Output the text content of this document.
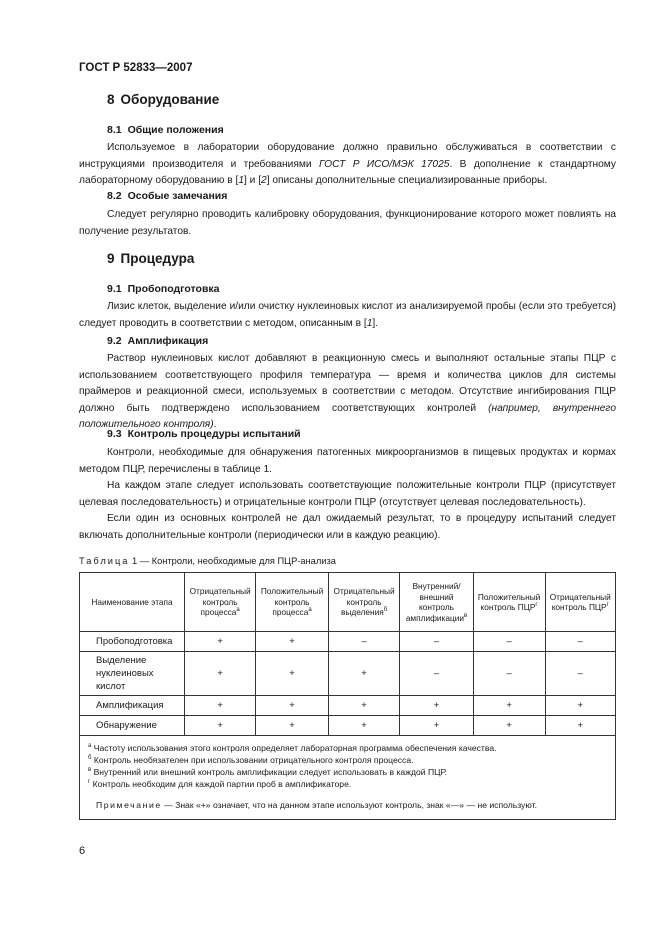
ГОСТ Р 52833—2007
8 Оборудование
8.1 Общие положения

Используемое в лаборатории оборудование должно правильно обслуживаться в соответствии с инструкциями производителя и требованиями ГОСТ Р ИСО/МЭК 17025. В дополнение к стандартному лабораторному оборудованию в [1] и [2] описаны дополнительные специализированные приборы.

8.2 Особые замечания

Следует регулярно проводить калибровку оборудования, функционирование которого может повлиять на получение результатов.

9 Процедура
9.1 Пробоподготовка

Лизис клеток, выделение и/или очистку нуклеиновых кислот из анализируемой пробы (если это требуется) следует проводить в соответствии с методом, описанным в [1].

9.2 Амплификация

Раствор нуклеиновых кислот добавляют в реакционную смесь и выполняют остальные этапы ПЦР с использованием соответствующего профиля температура — время и количества циклов для системы праймеров и реакционной смеси, используемых в соответствии с методом. Отсутствие ингибирования ПЦР должно быть подтверждено использованием соответствующих контролей (например, внутреннего положительного контроля).

9.3 Контроль процедуры испытаний

Контроли, необходимые для обнаружения патогенных микроорганизмов в пищевых продуктах и кормах методом ПЦР, перечислены в таблице 1.

На каждом этапе следует использовать соответствующие положительные контроли ПЦР (присутствует целевая последовательность) и отрицательные контроли ПЦР (отсутствует целевая последовательность).

Если один из основных контролей не дал ожидаемый результат, то в процедуру испытаний следует включать дополнительные контроли (периодически или в каждую реакцию).

Таблица 1 — Контроли, необходимые для ПЦР-анализа
Наименование этапа	Отрицательный контроль процесса$^а$	Положительный контроль процесса$^а$	Отрицательный контроль выделения$^б$	Внутренний/ внешний контроль амплификации$^в$	Положительный контроль $ПЦР^г$	Отрицательный контроль $ПЦР^г$
Пробоподготовка	+	+	–	–	–	–
Выделение нуклеиновых кислот	+	+	+	–	–	–
Амплификация	+	+	+	+	+	+
Обнаружение	+	+	+	+	+	+

$^а$ Частоту использования этого контроля определяет лабораторная программа обеспечения качества.
$^б$ Контроль необязателен при использовании отрицательного контроля процесса.
$^в$ Внутренний или внешний контроль амплификации следует использовать в каждой ПЦР.
$^г$ Контроль необходим для каждой партии проб в амплификаторе.
Примечание — Знак «+» означает, что на данном этапе используют контроль, знак «—» — не используют.						
6
